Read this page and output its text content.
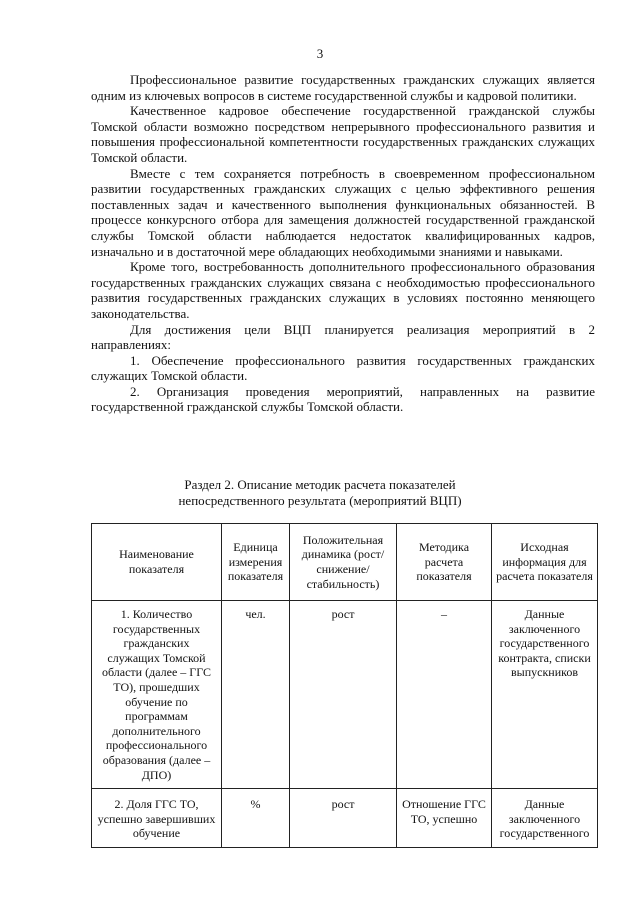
3

Профессиональное развитие государственных гражданских служащих является одним из ключевых вопросов в системе государственной службы и кадровой политики.

Качественное кадровое обеспечение государственной гражданской службы Томской области возможно посредством непрерывного профессионального развития и повышения профессиональной компетентности государственных гражданских служащих Томской области.

Вместе с тем сохраняется потребность в своевременном профессиональном развитии государственных гражданских служащих с целью эффективного решения поставленных задач и качественного выполнения функциональных обязанностей. В процессе конкурсного отбора для замещения должностей государственной гражданской службы Томской области наблюдается недостаток квалифицированных кадров, изначально и в достаточной мере обладающих необходимыми знаниями и навыками.

Кроме того, востребованность дополнительного профессионального образования государственных гражданских служащих связана с необходимостью профессионального развития государственных гражданских служащих в условиях постоянно меняющего законодательства.

Для достижения цели ВЦП планируется реализация мероприятий в 2 направлениях:

1. Обеспечение профессионального развития государственных гражданских служащих Томской области.

2. Организация проведения мероприятий, направленных на развитие государственной гражданской службы Томской области.

Раздел 2. Описание методик расчета показателей
непосредственного результата (мероприятий ВЦП)
Наименование показателя	Единица измерения показателя	Положительная динамика (рост/снижение/ стабильность)	Методика расчета показателя	Исходная информация для расчета показателя
1. Количество государственных гражданских служащих Томской области (далее – ГГС ТО), прошедших обучение по программам дополнительного профессионального образования (далее – ДПО)	чел.	рост	–	Данные заключенного государственного контракта, списки выпускников
2. Доля ГГС ТО, успешно завершивших обучение	%	рост	Отношение ГГС ТО, успешно	Данные заключенного государственного
